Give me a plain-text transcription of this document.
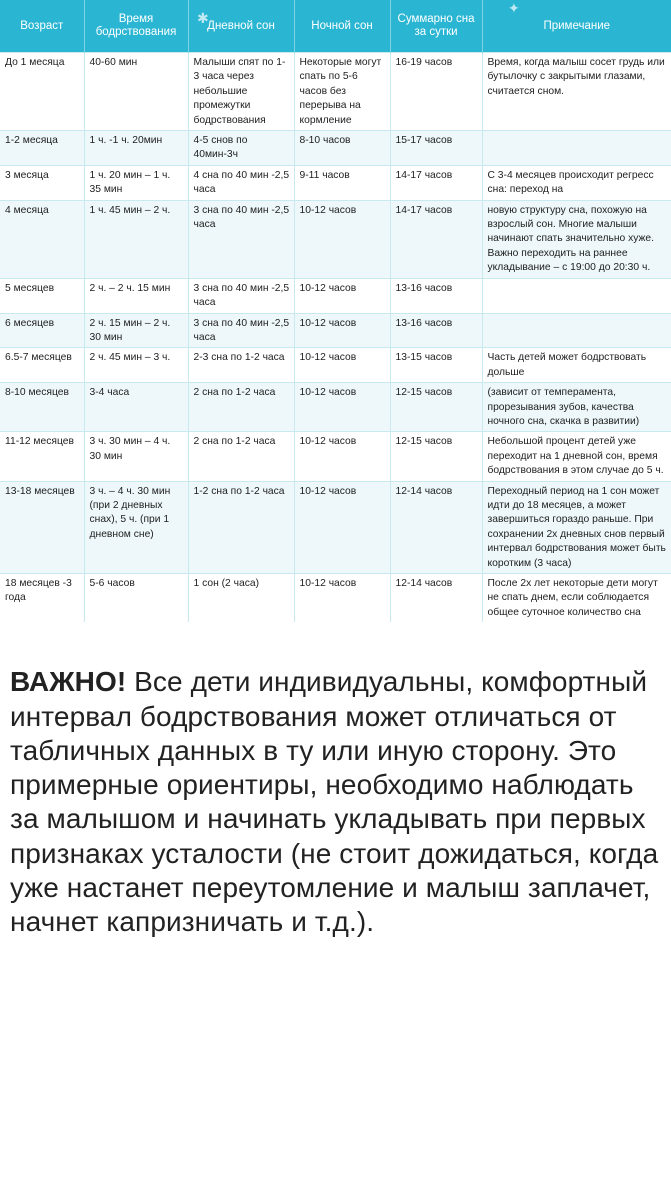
✱
✦
Возраст	Время бодрствования	Дневной сон	Ночной сон	Суммарно сна за сутки	Примечание
До 1 месяца	40-60 мин	Малыши спят по 1-3 часа через небольшие промежутки бодрствования	Некоторые могут спать по 5-6 часов без перерыва на кормление	16-19 часов	Время, когда малыш сосет грудь или бутылочку с закрытыми глазами, считается сном.
1-2 месяца	1 ч. -1 ч. 20мин	4-5 снов по 40мин-3ч	8-10 часов	15-17 часов	
3 месяца	1 ч. 20 мин – 1 ч. 35 мин	4 сна по 40 мин -2,5 часа	9-11 часов	14-17 часов	С 3-4 месяцев происходит регресс сна: переход на
4 месяца	1 ч. 45 мин – 2 ч.	3 сна по 40 мин -2,5 часа	10-12 часов	14-17 часов	новую структуру сна, похожую на взрослый сон. Многие малыши начинают спать значительно хуже. Важно переходить на раннее укладывание – с 19:00 до 20:30 ч.
5 месяцев	2 ч. – 2 ч. 15 мин	3 сна по 40 мин -2,5 часа	10-12 часов	13-16 часов	
6 месяцев	2 ч. 15 мин – 2 ч. 30 мин	3 сна по 40 мин -2,5 часа	10-12 часов	13-16 часов	
6.5-7 месяцев	2 ч. 45 мин – 3 ч.	2-3 сна по 1-2 часа	10-12 часов	13-15 часов	Часть детей может бодрствовать дольше
8-10 месяцев	3-4 часа	2 сна по 1-2 часа	10-12 часов	12-15 часов	(зависит от темперамента, прорезывания зубов, качества ночного сна, скачка в развитии)
11-12 месяцев	3 ч. 30 мин – 4 ч. 30 мин	2 сна по 1-2 часа	10-12 часов	12-15 часов	Небольшой процент детей уже переходит на 1 дневной сон, время бодрствования в этом случае до 5 ч.
13-18 месяцев	3 ч. – 4 ч. 30 мин (при 2 дневных снах), 5 ч. (при 1 дневном сне)	1-2 сна по 1-2 часа	10-12 часов	12-14 часов	Переходный период на 1 сон может идти до 18 месяцев, а может завершиться гораздо раньше. При сохранении 2х дневных снов первый интервал бодрствования может быть коротким (3 часа)
18 месяцев -3 года	5-6 часов	1 сон (2 часа)	10-12 часов	12-14 часов	После 2х лет некоторые дети могут не спать днем, если соблюдается общее суточное количество сна

ВАЖНО! Все дети индивидуальны, комфортный интервал бодрствования может отличаться от табличных данных в ту или иную сторону. Это примерные ориентиры, необходимо наблюдать за малышом и начинать укладывать при первых признаках усталости (не стоит дожидаться, когда уже настанет переутомление и малыш заплачет, начнет капризничать и т.д.).
